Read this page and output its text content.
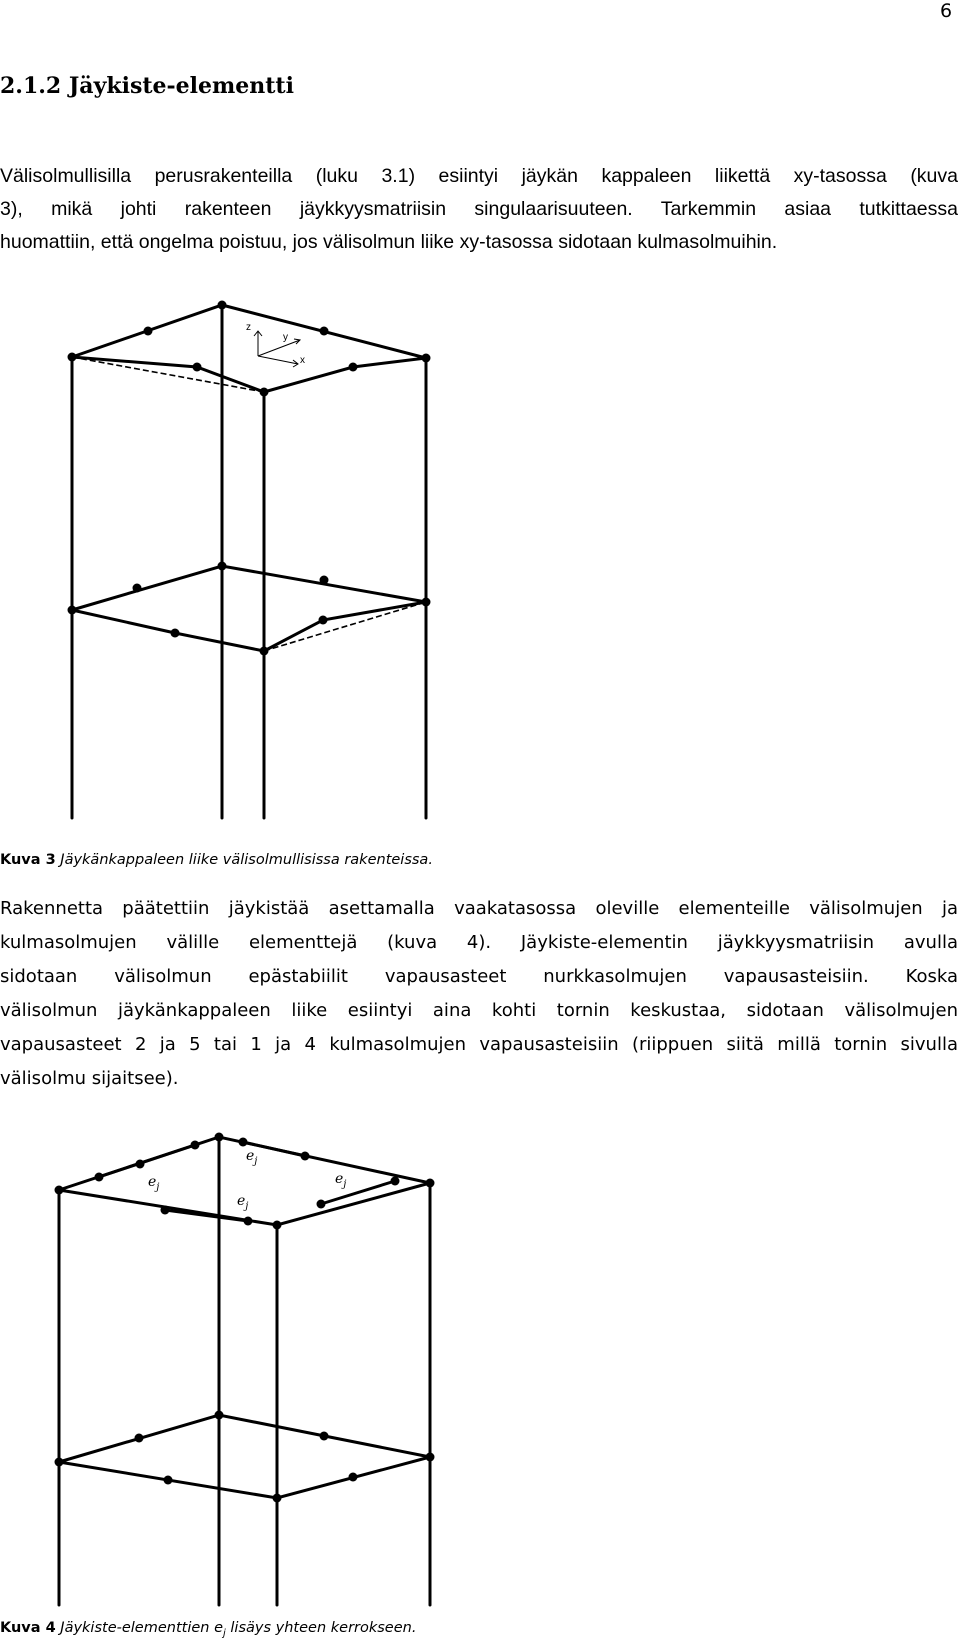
6
2.1.2 Jäykiste-elementti
Välisolmullisilla perusrakenteilla (luku 3.1) esiintyi jäykän kappaleen liikettä xy-tasossa (kuva
3), mikä johti rakenteen jäykkyysmatriisin singulaarisuuteen. Tarkemmin asiaa tutkittaessa
huomattiin, että ongelma poistuu, jos välisolmun liike xy-tasossa sidotaan kulmasolmuihin.
z
y
x
Kuva 3 Jäykänkappaleen liike välisolmullisissa rakenteissa.
Rakennetta päätettiin jäykistää asettamalla vaakatasossa oleville elementeille välisolmujen ja
kulmasolmujen välille elementtejä (kuva 4). Jäykiste-elementin jäykkyysmatriisin avulla
sidotaan välisolmun epästabiilit vapausasteet nurkkasolmujen vapausasteisiin. Koska
välisolmun jäykänkappaleen liike esiintyi aina kohti tornin keskustaa, sidotaan välisolmujen
vapausasteet 2 ja 5 tai 1 ja 4 kulmasolmujen vapausasteisiin (riippuen siitä millä tornin sivulla
välisolmu sijaitsee).
$e_j$
$e_j$
$e_j$
$e_j$
Kuva 4 Jäykiste-elementtien $e_j$ lisäys yhteen kerrokseen.
